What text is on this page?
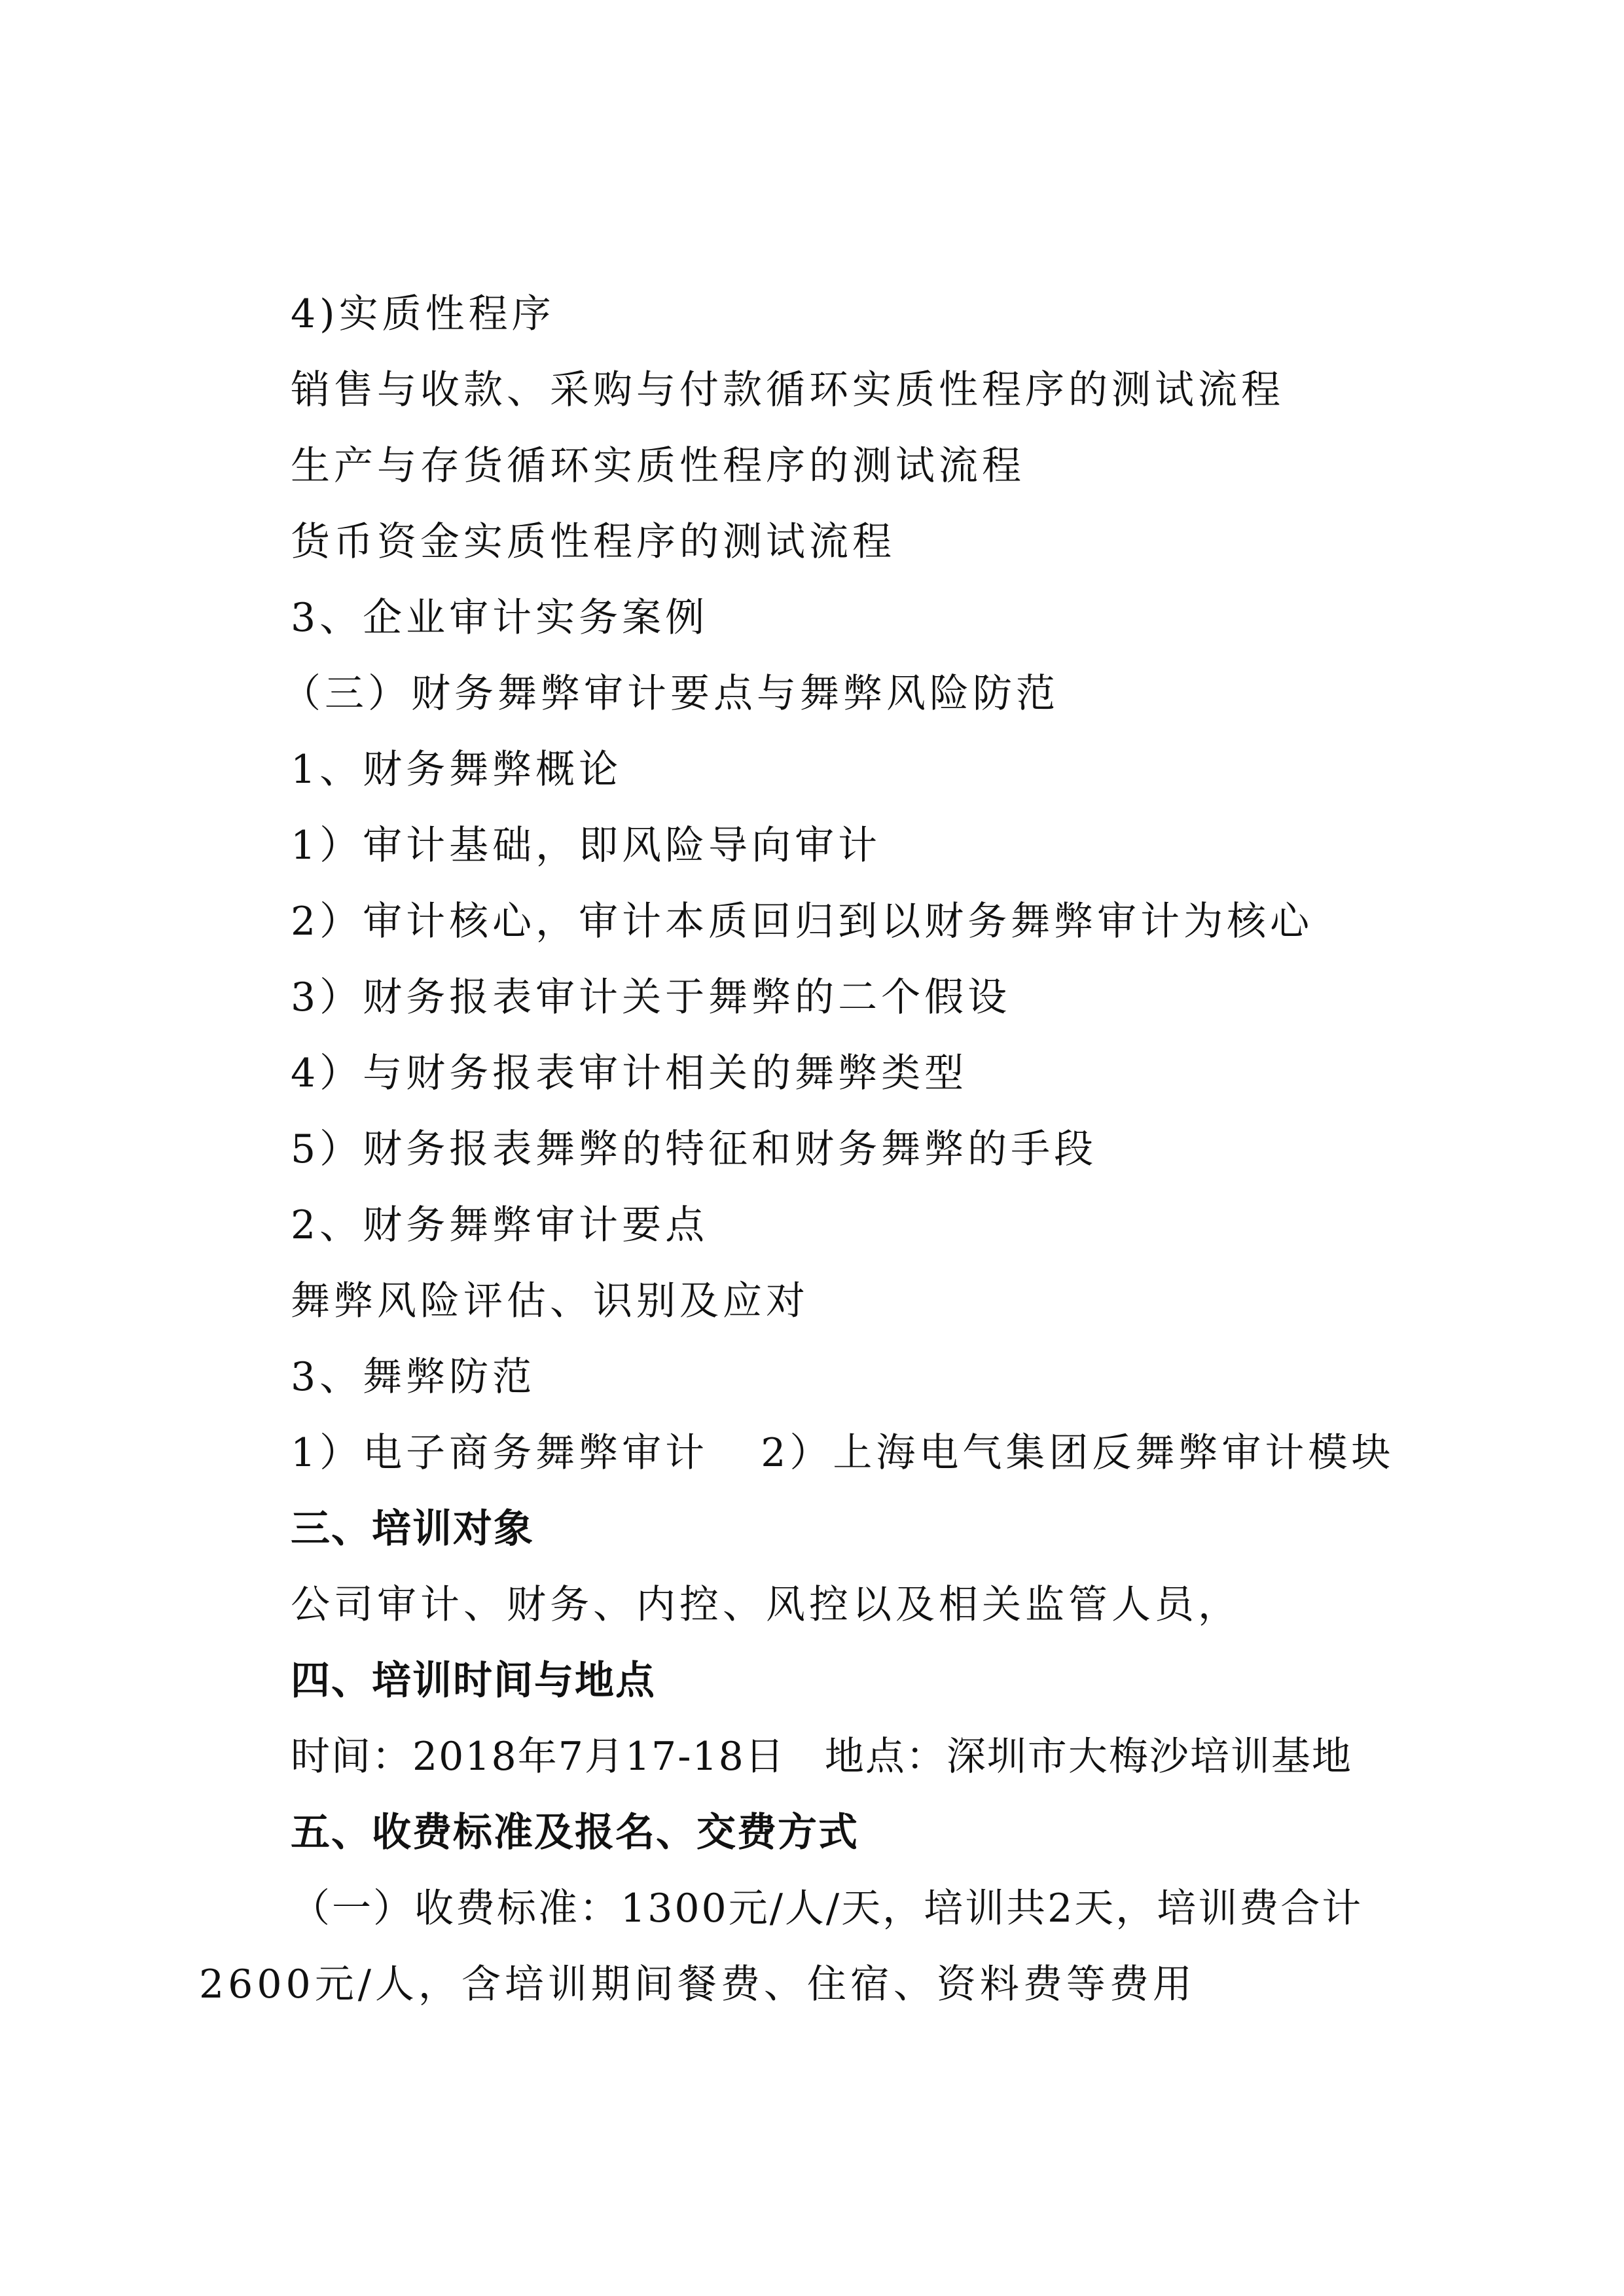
4)实质性程序
销售与收款、采购与付款循环实质性程序的测试流程
生产与存货循环实质性程序的测试流程
货币资金实质性程序的测试流程
3、企业审计实务案例
（三）财务舞弊审计要点与舞弊风险防范
1、财务舞弊概论
1）审计基础，即风险导向审计
2）审计核心，审计本质回归到以财务舞弊审计为核心
3）财务报表审计关于舞弊的二个假设
4）与财务报表审计相关的舞弊类型
5）财务报表舞弊的特征和财务舞弊的手段
2、财务舞弊审计要点
舞弊风险评估、识别及应对
3、舞弊防范
1）电子商务舞弊审计 2）上海电气集团反舞弊审计模块
三、培训对象
公司审计、财务、内控、风控以及相关监管人员，
四、培训时间与地点
时间：2018年7月17-18日 地点：深圳市大梅沙培训基地
五、收费标准及报名、交费方式
（一）收费标准：1300元/人/天，培训共2天，培训费合计
2600元/人，含培训期间餐费、住宿、资料费等费用
